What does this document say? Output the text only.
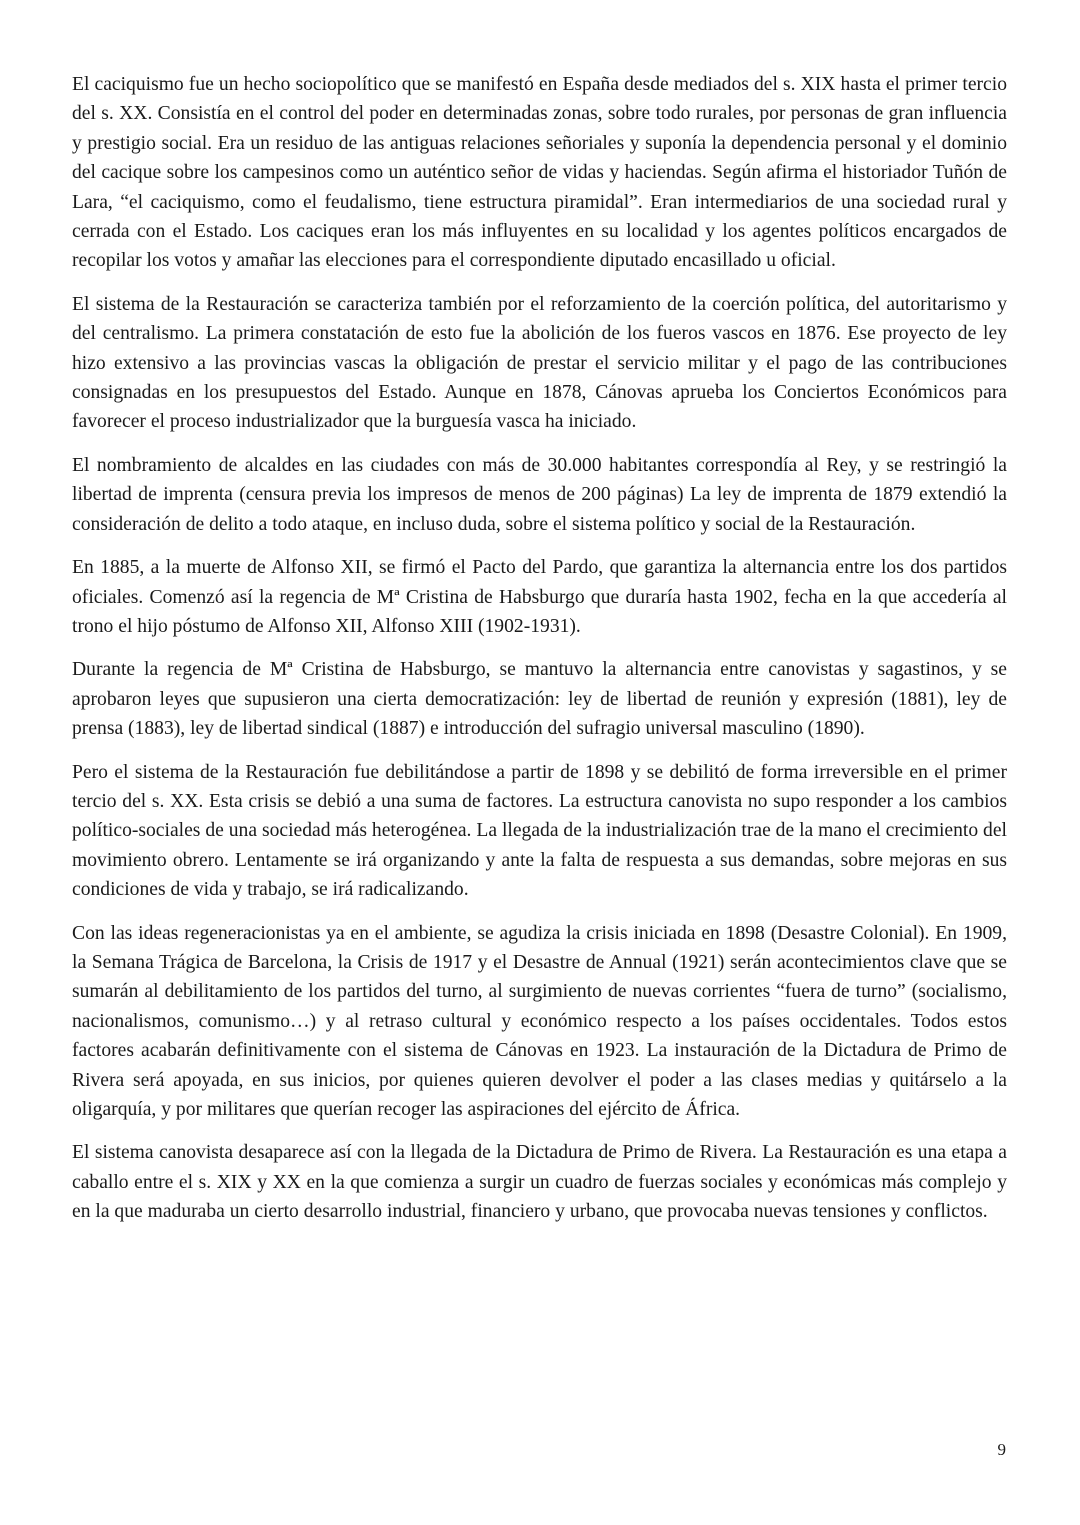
El caciquismo fue un hecho sociopolítico que se manifestó en España desde mediados del s. XIX hasta el primer tercio del s. XX. Consistía en el control del poder en determinadas zonas, sobre todo rurales, por personas de gran influencia y prestigio social. Era un residuo de las antiguas relaciones señoriales y suponía la dependencia personal y el dominio del cacique sobre los campesinos como un auténtico señor de vidas y haciendas. Según afirma el historiador Tuñón de Lara, “el caciquismo, como el feudalismo, tiene estructura piramidal”. Eran intermediarios de una sociedad rural y cerrada con el Estado. Los caciques eran los más influyentes en su localidad y los agentes políticos encargados de recopilar los votos y amañar las elecciones para el correspondiente diputado encasillado u oficial.

El sistema de la Restauración se caracteriza también por el reforzamiento de la coerción política, del autoritarismo y del centralismo. La primera constatación de esto fue la abolición de los fueros vascos en 1876. Ese proyecto de ley hizo extensivo a las provincias vascas la obligación de prestar el servicio militar y el pago de las contribuciones consignadas en los presupuestos del Estado. Aunque en 1878, Cánovas aprueba los Conciertos Económicos para favorecer el proceso industrializador que la burguesía vasca ha iniciado.

El nombramiento de alcaldes en las ciudades con más de 30.000 habitantes correspondía al Rey, y se restringió la libertad de imprenta (censura previa los impresos de menos de 200 páginas) La ley de imprenta de 1879 extendió la consideración de delito a todo ataque, en incluso duda, sobre el sistema político y social de la Restauración.

En 1885, a la muerte de Alfonso XII, se firmó el Pacto del Pardo, que garantiza la alternancia entre los dos partidos oficiales. Comenzó así la regencia de Mª Cristina de Habsburgo que duraría hasta 1902, fecha en la que accedería al trono el hijo póstumo de Alfonso XII, Alfonso XIII (1902-1931).

Durante la regencia de Mª Cristina de Habsburgo, se mantuvo la alternancia entre canovistas y sagastinos, y se aprobaron leyes que supusieron una cierta democratización: ley de libertad de reunión y expresión (1881), ley de prensa (1883), ley de libertad sindical (1887) e introducción del sufragio universal masculino (1890).

Pero el sistema de la Restauración fue debilitándose a partir de 1898 y se debilitó de forma irreversible en el primer tercio del s. XX. Esta crisis se debió a una suma de factores. La estructura canovista no supo responder a los cambios político-sociales de una sociedad más heterogénea. La llegada de la industrialización trae de la mano el crecimiento del movimiento obrero. Lentamente se irá organizando y ante la falta de respuesta a sus demandas, sobre mejoras en sus condiciones de vida y trabajo, se irá radicalizando.

Con las ideas regeneracionistas ya en el ambiente, se agudiza la crisis iniciada en 1898 (Desastre Colonial). En 1909, la Semana Trágica de Barcelona, la Crisis de 1917 y el Desastre de Annual (1921) serán acontecimientos clave que se sumarán al debilitamiento de los partidos del turno, al surgimiento de nuevas corrientes “fuera de turno” (socialismo, nacionalismos, comunismo…) y al retraso cultural y económico respecto a los países occidentales. Todos estos factores acabarán definitivamente con el sistema de Cánovas en 1923. La instauración de la Dictadura de Primo de Rivera será apoyada, en sus inicios, por quienes quieren devolver el poder a las clases medias y quitárselo a la oligarquía, y por militares que querían recoger las aspiraciones del ejército de África.

El sistema canovista desaparece así con la llegada de la Dictadura de Primo de Rivera. La Restauración es una etapa a caballo entre el s. XIX y XX en la que comienza a surgir un cuadro de fuerzas sociales y económicas más complejo y en la que maduraba un cierto desarrollo industrial, financiero y urbano, que provocaba nuevas tensiones y conflictos.

9
